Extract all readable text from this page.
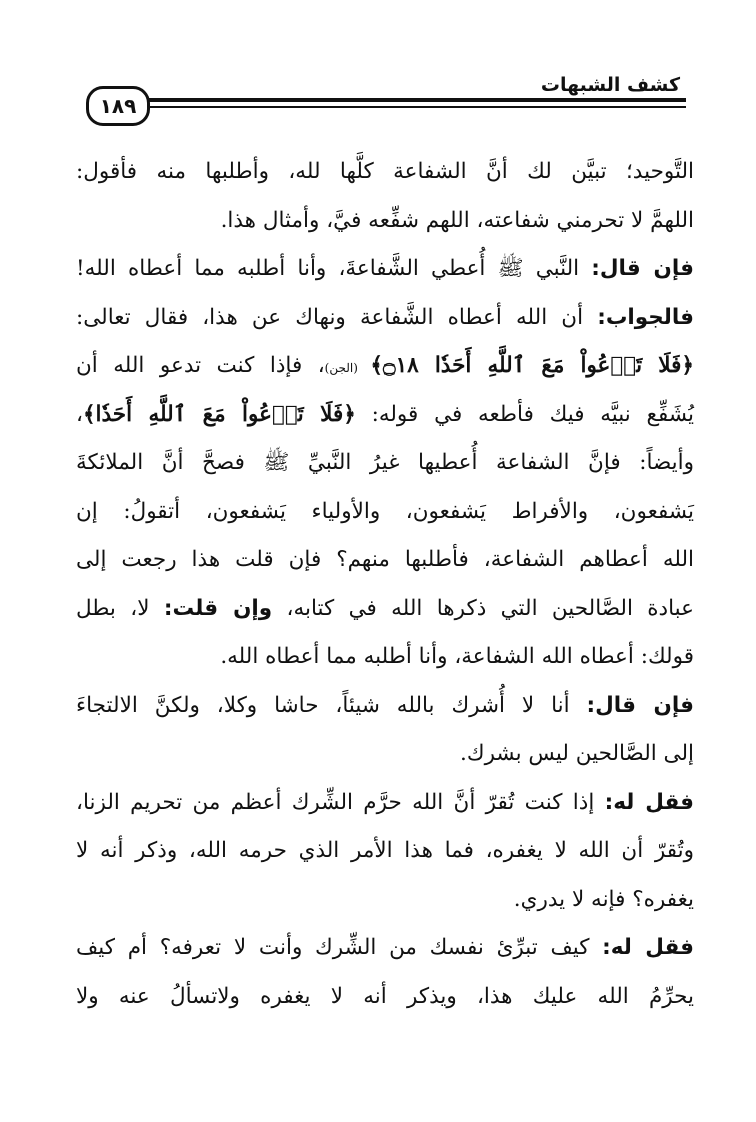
١٨٩
كشف الشبهات
التَّوحيد؛ تبيَّن لك أنَّ الشفاعة كلَّها لله، وأطلبها منه فأقول:
اللهمَّ لا تحرمني شفاعته، اللهم شفِّعه فيَّ، وأمثال هذا.
فإن قال: النَّبي ﷺ أُعطي الشَّفاعةَ، وأنا أطلبه مما أعطاه الله!
فالجواب: أن الله أعطاه الشَّفاعة ونهاك عن هذا، فقال تعالى:
﴿فَلَا تَدۡعُواْ مَعَ ٱللَّهِ أَحَدٗا ۝١٨﴾ (الجن)، فإذا كنت تدعو الله أن
يُشَفِّع نبيَّه فيك فأطعه في قوله: ﴿فَلَا تَدۡعُواْ مَعَ ٱللَّهِ أَحَدٗا﴾،
وأيضاً: فإنَّ الشفاعة أُعطيها غيرُ النَّبيِّ ﷺ فصحَّ أنَّ الملائكةَ
يَشفعون، والأفراط يَشفعون، والأولياء يَشفعون، أتقولُ: إن
الله أعطاهم الشفاعة، فأطلبها منهم؟ فإن قلت هذا رجعت إلى
عبادة الصَّالحين التي ذكرها الله في كتابه، وإن قلت: لا، بطل
قولك: أعطاه الله الشفاعة، وأنا أطلبه مما أعطاه الله.
فإن قال: أنا لا أُشرك بالله شيئاً، حاشا وكلا، ولكنَّ الالتجاءَ
إلى الصَّالحين ليس بشرك.
فقل له: إذا كنت تُقرّ أنَّ الله حرَّم الشِّرك أعظم من تحريم الزنا،
وتُقرّ أن الله لا يغفره، فما هذا الأمر الذي حرمه الله، وذكر أنه لا
يغفره؟ فإنه لا يدري.
فقل له: كيف تبرِّئ نفسك من الشِّرك وأنت لا تعرفه؟ أم كيف
يحرِّمُ الله عليك هذا، ويذكر أنه لا يغفره ولاتسألُ عنه ولا
